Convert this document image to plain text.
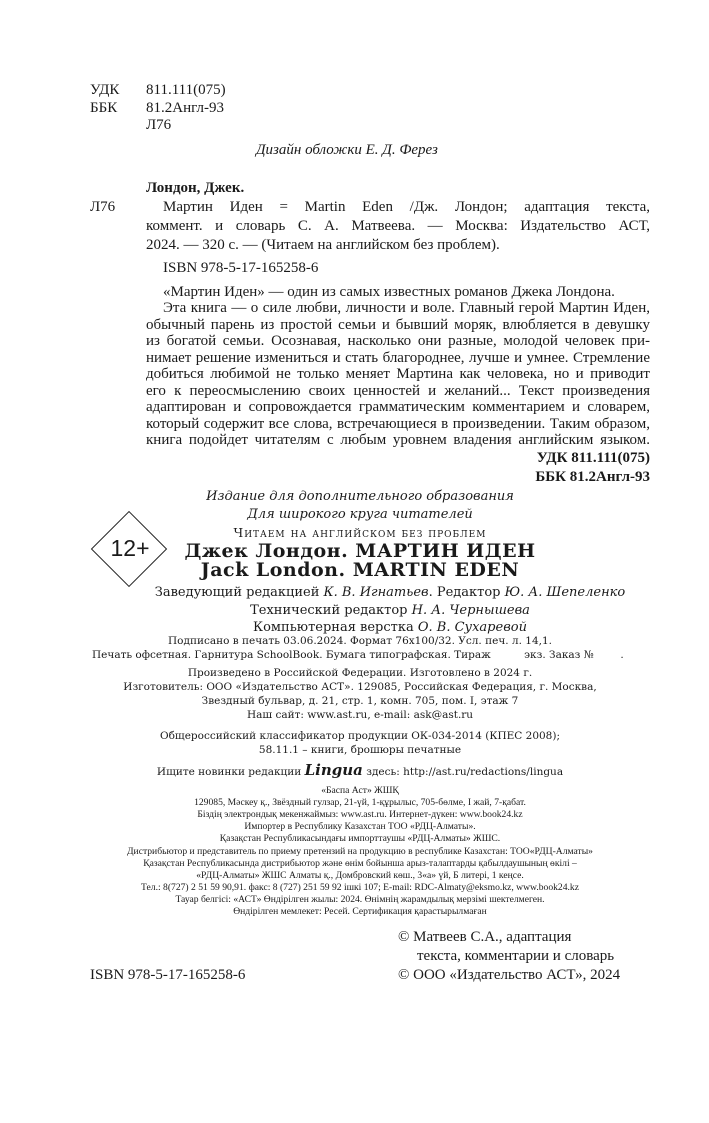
УДК 811.111(075)
ББК 81.2Англ-93
Л76
Дизайн обложки Е. Д. Ферез
Лондон, Джек.
Л76	Мартин Иден = Martin Eden /Дж. Лондон; адаптация текста,
коммент. и словарь С. А. Матвеева. — Москва: Издательство АСТ,
2024. — 320 с. — (Читаем на английском без проблем).
ISBN 978-5-17-165258-6
«Мартин Иден» — один из самых известных романов Джека Лондона.
Эта книга — о силе любви, личности и воле. Главный герой Мартин Иден,
обычный парень из простой семьи и бывший моряк, влюбляется в девушку
из богатой семьи. Осознавая, насколько они разные, молодой человек при-
нимает решение измениться и стать благороднее, лучше и умнее. Стремление
добиться любимой не только меняет Мартина как человека, но и приводит
его к переосмыслению своих ценностей и желаний... Текст произведения
адаптирован и сопровождается грамматическим комментарием и словарем,
который содержит все слова, встречающиеся в произведении. Таким образом,
книга подойдет читателям с любым уровнем владения английским языком.
УДК 811.111(075)
ББК 81.2Англ-93
Издание для дополнительного образования
Для широкого круга читателей
12+
Читаем на английском без проблем
Джек Лондон. МАРТИН ИДЕН
Jack London. MARTIN EDEN
Заведующий редакцией К. В. Игнатьев. Редактор Ю. А. Шепеленко
Технический редактор Н. А. Чернышева
Компьютерная верстка О. В. Сухаревой
Подписано в печать 03.06.2024. Формат 76х100/32. Усл. печ. л. 14,1.
Печать офсетная. Гарнитура SchoolBook. Бумага типографская. Тираж          экз. Заказ №        .
Произведено в Российской Федерации. Изготовлено в 2024 г.
Изготовитель: ООО «Издательство АСТ». 129085, Российская Федерация, г. Москва,
Звездный бульвар, д. 21, стр. 1, комн. 705, пом. I, этаж 7
Наш сайт: www.ast.ru, e-mail: ask@ast.ru
Общероссийский классификатор продукции ОК-034-2014 (КПЕС 2008);
58.11.1 – книги, брошюры печатные
Ищите новинки редакции Lingua здесь: http://ast.ru/redactions/lingua
«Баспа Аст» ЖШҚ
129085, Мәскеу қ., Звёздный гулзар, 21-үй, 1-құрылыс, 705-бөлме, I жай, 7-қабат.
Біздің электрондық мекенжаймыз: www.ast.ru. Интернет-дүкен: www.book24.kz
Импортер в Республику Казахстан ТОО «РДЦ-Алматы».
Қазақстан Республикасындағы импорттаушы «РДЦ-Алматы» ЖШС.
Дистрибьютор и представитель по приему претензий на продукцию в республике Казахстан: ТОО«РДЦ-Алматы»
Қазақстан Республикасында дистрибьютор және өнім бойынша арыз-талаптарды қабылдаушының өкілі –
«РДЦ-Алматы» ЖШС Алматы қ., Домбровский көш., 3«а» үй, Б литері, 1 кеңсе.
Тел.: 8(727) 2 51 59 90,91. факс: 8 (727) 251 59 92 ішкі 107; E-mail: RDC-Almaty@eksmo.kz, www.book24.kz
Тауар белгісі: «АСТ» Өндірілген жылы: 2024. Өнімнің жарамдылық мерзімі шектелмеген.
Өндірілген мемлекет: Ресей. Сертификация қарастырылмаған
© Матвеев С.А., адаптация
текста, комментарии и словарь
© ООО «Издательство АСТ», 2024
ISBN 978-5-17-165258-6
